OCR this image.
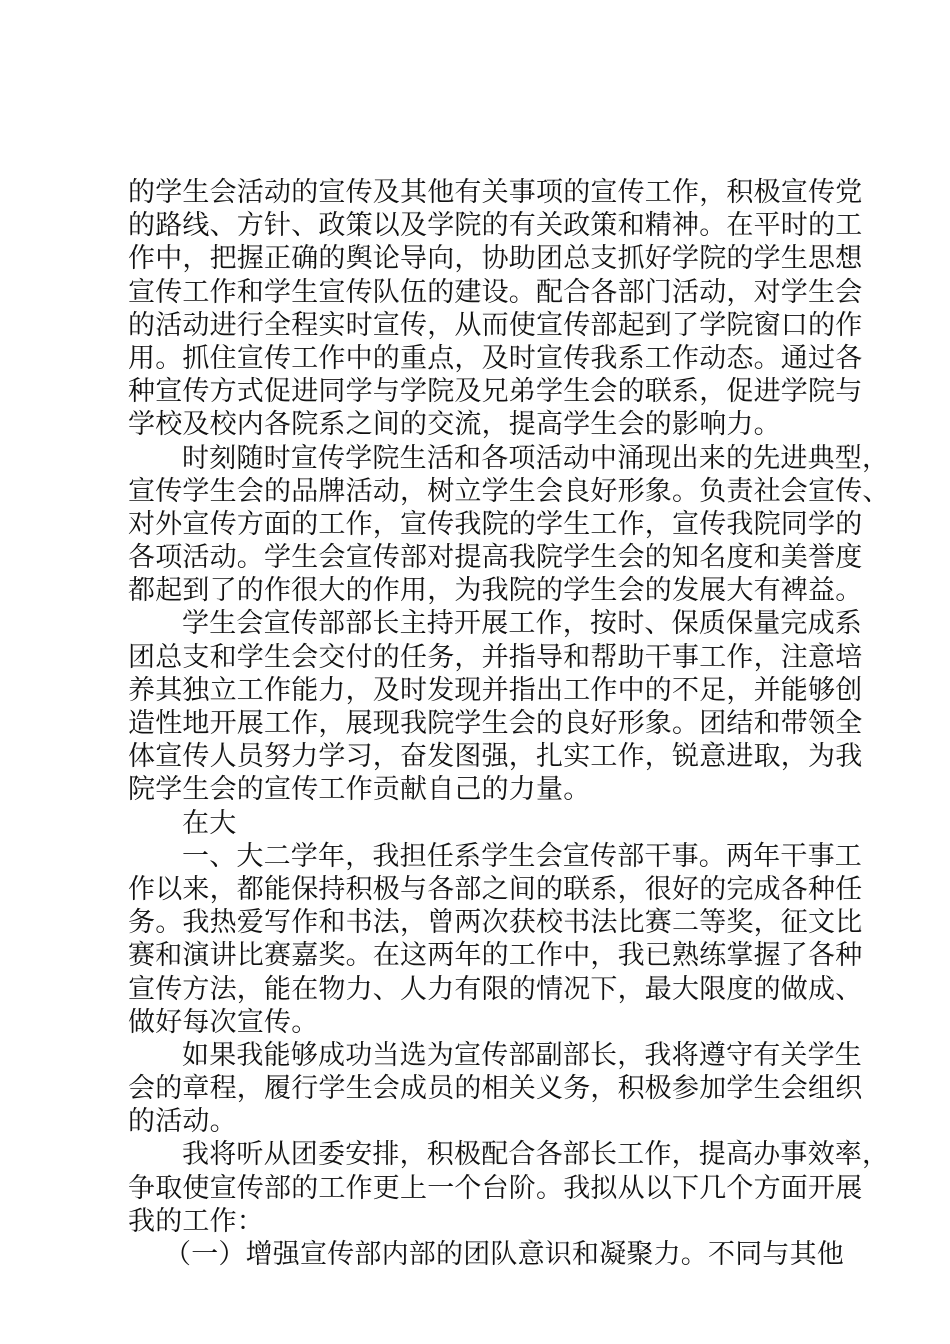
的学生会活动的宣传及其他有关事项的宣传工作，积极宣传党
的路线、方针、政策以及学院的有关政策和精神。在平时的工
作中，把握正确的舆论导向，协助团总支抓好学院的学生思想
宣传工作和学生宣传队伍的建设。配合各部门活动，对学生会
的活动进行全程实时宣传，从而使宣传部起到了学院窗口的作
用。抓住宣传工作中的重点，及时宣传我系工作动态。通过各
种宣传方式促进同学与学院及兄弟学生会的联系，促进学院与
学校及校内各院系之间的交流，提高学生会的影响力。
时刻随时宣传学院生活和各项活动中涌现出来的先进典型，
宣传学生会的品牌活动，树立学生会良好形象。负责社会宣传、
对外宣传方面的工作，宣传我院的学生工作，宣传我院同学的
各项活动。学生会宣传部对提高我院学生会的知名度和美誉度
都起到了的作很大的作用，为我院的学生会的发展大有裨益。
学生会宣传部部长主持开展工作，按时、保质保量完成系
团总支和学生会交付的任务，并指导和帮助干事工作，注意培
养其独立工作能力，及时发现并指出工作中的不足，并能够创
造性地开展工作，展现我院学生会的良好形象。团结和带领全
体宣传人员努力学习，奋发图强，扎实工作，锐意进取，为我
院学生会的宣传工作贡献自己的力量。
在大
一、大二学年，我担任系学生会宣传部干事。两年干事工
作以来，都能保持积极与各部之间的联系，很好的完成各种任
务。我热爱写作和书法，曾两次获校书法比赛二等奖，征文比
赛和演讲比赛嘉奖。在这两年的工作中，我已熟练掌握了各种
宣传方法，能在物力、人力有限的情况下，最大限度的做成、
做好每次宣传。
如果我能够成功当选为宣传部副部长，我将遵守有关学生
会的章程，履行学生会成员的相关义务，积极参加学生会组织
的活动。
我将听从团委安排，积极配合各部长工作，提高办事效率，
争取使宣传部的工作更上一个台阶。我拟从以下几个方面开展
我的工作：
（一）增强宣传部内部的团队意识和凝聚力。不同与其他
